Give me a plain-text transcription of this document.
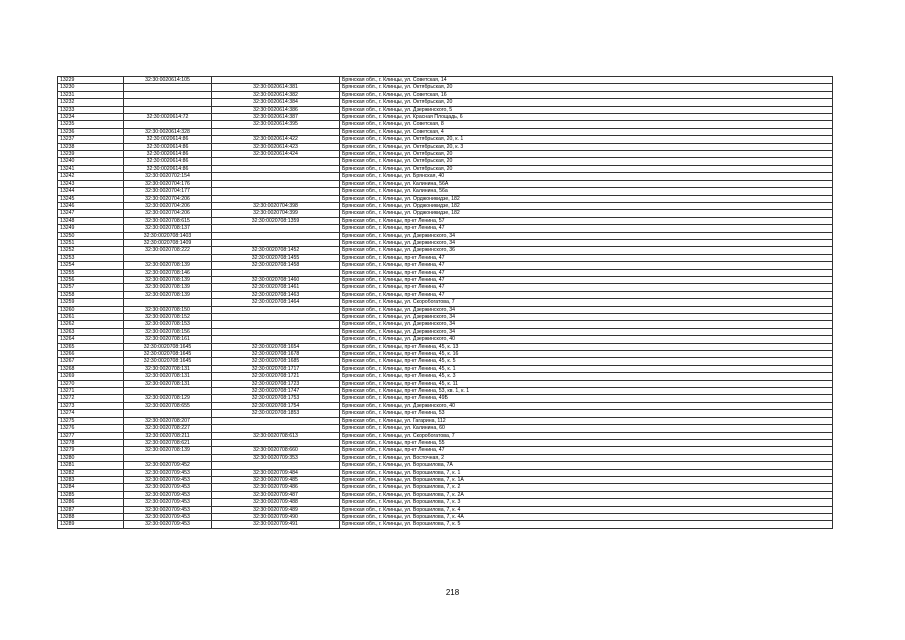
13229	32:30:0020614:105		Брянская обл., г. Клинцы, ул. Советская, 14
13230		32:30:0020614:381	Брянская обл., г. Клинцы, ул. Октябрьская, 20
13231		32:30:0020614:382	Брянская обл., г. Клинцы, ул. Советская, 16
13232		32:30:0020614:384	Брянская обл., г. Клинцы, ул. Октябрьская, 20
13233		32:30:0020614:386	Брянская обл., г. Клинцы, ул. Дзержинского, 5
13234	32:30:0020614:72	32:30:0020614:387	Брянская обл., г. Клинцы, ул. Красная Площадь, 6
13235		32:30:0020614:395	Брянская обл., г. Клинцы, ул. Советская, 8
13236	32:30:0020614:328		Брянская обл., г. Клинцы, ул. Советская, 4
13237	32:30:0020614:86	32:30:0020614:422	Брянская обл., г. Клинцы, ул. Октябрьская, 20, к. 1
13238	32:30:0020614:86	32:30:0020614:423	Брянская обл., г. Клинцы, ул. Октябрьская, 20, к. 3
13239	32:30:0020614:86	32:30:0020614:424	Брянская обл., г. Клинцы, ул. Октябрьская, 20
13240	32:30:0020614:86		Брянская обл., г. Клинцы, ул. Октябрьская, 20
13241	32:30:0020614:86		Брянская обл., г. Клинцы, ул. Октябрьская, 20
13242	32:30:0020702:154		Брянская обл., г. Клинцы, ул. Брянская, 40
13243	32:30:0020704:176		Брянская обл., г. Клинцы, ул. Калинина, 56А
13244	32:30:0020704:177		Брянская обл., г. Клинцы, ул. Калинина, 56а
13245	32:30:0020704:206		Брянская обл., г. Клинцы, ул. Орджоникидзе, 182
13246	32:30:0020704:206	32:30:0020704:398	Брянская обл., г. Клинцы, ул. Орджоникидзе, 182
13247	32:30:0020704:206	32:30:0020704:399	Брянская обл., г. Клинцы, ул. Орджоникидзе, 182
13248	32:30:0020708:615	32:30:0020708:1359	Брянская обл., г. Клинцы, пр-кт Ленина, 57
13249	32:30:0020708:137		Брянская обл., г. Клинцы, пр-кт Ленина, 47
13250	32:30:0020708:1403		Брянская обл., г. Клинцы, ул. Дзержинского, 34
13251	32:30:0020708:1409		Брянская обл., г. Клинцы, ул. Дзержинского, 34
13252	32:30:0020708:222	32:30:0020708:1452	Брянская обл., г. Клинцы, ул. Дзержинского, 36
13253		32:30:0020708:1455	Брянская обл., г. Клинцы, пр-кт Ленина, 47
13254	32:30:0020708:139	32:30:0020708:1458	Брянская обл., г. Клинцы, пр-кт Ленина, 47
13255	32:30:0020708:146		Брянская обл., г. Клинцы, пр-кт Ленина, 47
13256	32:30:0020708:139	32:30:0020708:1460	Брянская обл., г. Клинцы, пр-кт Ленина, 47
13257	32:30:0020708:139	32:30:0020708:1461	Брянская обл., г. Клинцы, пр-кт Ленина, 47
13258	32:30:0020708:139	32:30:0020708:1463	Брянская обл., г. Клинцы, пр-кт Ленина, 47
13259		32:30:0020708:1464	Брянская обл., г. Клинцы, ул. Скоробогатова, 7
13260	32:30:0020708:150		Брянская обл., г. Клинцы, ул. Дзержинского, 34
13261	32:30:0020708:152		Брянская обл., г. Клинцы, ул. Дзержинского, 34
13262	32:30:0020708:153		Брянская обл., г. Клинцы, ул. Дзержинского, 34
13263	32:30:0020708:156		Брянская обл., г. Клинцы, ул. Дзержинского, 34
13264	32:30:0020708:161		Брянская обл., г. Клинцы, ул. Дзержинского, 40
13265	32:30:0020708:1645	32:30:0020708:1654	Брянская обл., г. Клинцы, пр-кт Ленина, 45, к. 13
13266	32:30:0020708:1645	32:30:0020708:1678	Брянская обл., г. Клинцы, пр-кт Ленина, 45, к. 16
13267	32:30:0020708:1645	32:30:0020708:1685	Брянская обл., г. Клинцы, пр-кт Ленина, 45, к. 5
13268	32:30:0020708:131	32:30:0020708:1717	Брянская обл., г. Клинцы, пр-кт Ленина, 45, к. 1
13269	32:30:0020708:131	32:30:0020708:1721	Брянская обл., г. Клинцы, пр-кт Ленина, 45, к. 3
13270	32:30:0020708:131	32:30:0020708:1723	Брянская обл., г. Клинцы, пр-кт Ленина, 45, к. 11
13271		32:30:0020708:1747	Брянская обл., г. Клинцы, пр-кт Ленина, 53, кв. 1, к. 1
13272	32:30:0020708:129	32:30:0020708:1753	Брянская обл., г. Клинцы, пр-кт Ленина, 49Б
13273	32:30:0020708:655	32:30:0020708:1754	Брянская обл., г. Клинцы, ул. Дзержинского, 40
13274		32:30:0020708:1853	Брянская обл., г. Клинцы, пр-кт Ленина, 53
13275	32:30:0020708:207		Брянская обл., г. Клинцы, ул. Гагарина, 112
13276	32:30:0020708:227		Брянская обл., г. Клинцы, ул. Калинина, 60
13277	32:30:0020708:211	32:30:0020708:613	Брянская обл., г. Клинцы, ул. Скоробогатова, 7
13278	32:30:0020708:621		Брянская обл., г. Клинцы, пр-кт Ленина, 55
13279	32:30:0020708:139	32:30:0020708:660	Брянская обл., г. Клинцы, пр-кт Ленина, 47
13280		32:30:0020709:353	Брянская обл., г. Клинцы, ул. Восточная, 2
13281	32:30:0020709:452		Брянская обл., г. Клинцы, ул. Ворошилова, 7А
13282	32:30:0020709:453	32:30:0020709:484	Брянская обл., г. Клинцы, ул. Ворошилова, 7, к. 1
13283	32:30:0020709:453	32:30:0020709:485	Брянская обл., г. Клинцы, ул. Ворошилова, 7, к. 1А
13284	32:30:0020709:453	32:30:0020709:486	Брянская обл., г. Клинцы, ул. Ворошилова, 7, к. 2
13285	32:30:0020709:453	32:30:0020709:487	Брянская обл., г. Клинцы, ул. Ворошилова, 7, к. 2А
13286	32:30:0020709:453	32:30:0020709:488	Брянская обл., г. Клинцы, ул. Ворошилова, 7, к. 3
13287	32:30:0020709:453	32:30:0020709:489	Брянская обл., г. Клинцы, ул. Ворошилова, 7, к. 4
13288	32:30:0020709:453	32:30:0020709:490	Брянская обл., г. Клинцы, ул. Ворошилова, 7, к. 4А
13289	32:30:0020709:453	32:30:0020709:491	Брянская обл., г. Клинцы, ул. Ворошилова, 7, к. 5
218
